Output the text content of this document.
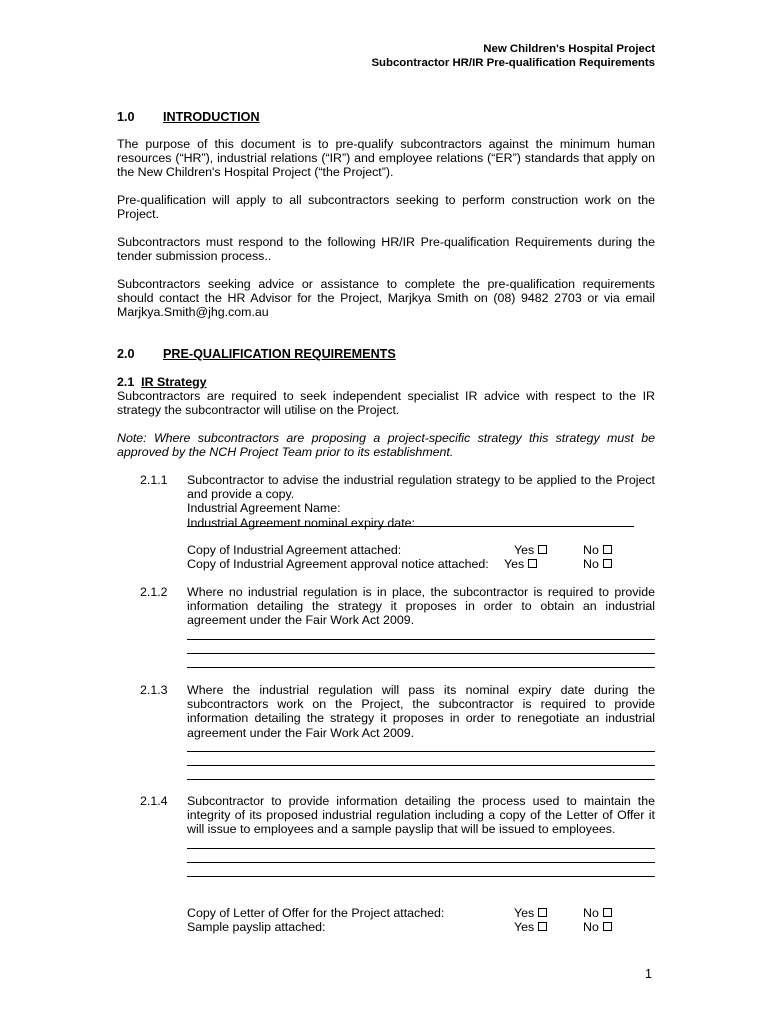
New Children's Hospital Project
Subcontractor HR/IR Pre-qualification Requirements
1.0 INTRODUCTION
The purpose of this document is to pre-qualify subcontractors against the minimum human resources (“HR”), industrial relations (“IR”) and employee relations (“ER”) standards that apply on the New Children's Hospital Project (“the Project”).
Pre-qualification will apply to all subcontractors seeking to perform construction work on the Project.
Subcontractors must respond to the following HR/IR Pre-qualification Requirements during the tender submission process..
Subcontractors seeking advice or assistance to complete the pre-qualification requirements should contact the HR Advisor for the Project, Marjkya Smith on (08) 9482 2703 or via email Marjkya.Smith@jhg.com.au
2.0 PRE-QUALIFICATION REQUIREMENTS
2.1 IR Strategy
Subcontractors are required to seek independent specialist IR advice with respect to the IR strategy the subcontractor will utilise on the Project.
Note: Where subcontractors are proposing a project-specific strategy this strategy must be approved by the NCH Project Team prior to its establishment.
2.1.1 Subcontractor to advise the industrial regulation strategy to be applied to the Project and provide a copy.
Industrial Agreement Name:
Industrial Agreement nominal expiry date:
Copy of Industrial Agreement attached:	Yes	No
Copy of Industrial Agreement approval notice attached: Yes	No
2.1.2 Where no industrial regulation is in place, the subcontractor is required to provide information detailing the strategy it proposes in order to obtain an industrial agreement under the Fair Work Act 2009.
2.1.3 Where the industrial regulation will pass its nominal expiry date during the subcontractors work on the Project, the subcontractor is required to provide information detailing the strategy it proposes in order to renegotiate an industrial agreement under the Fair Work Act 2009.
2.1.4 Subcontractor to provide information detailing the process used to maintain the integrity of its proposed industrial regulation including a copy of the Letter of Offer it will issue to employees and a sample payslip that will be issued to employees.
Copy of Letter of Offer for the Project attached:	Yes	No
Sample payslip attached:	Yes	No
1
